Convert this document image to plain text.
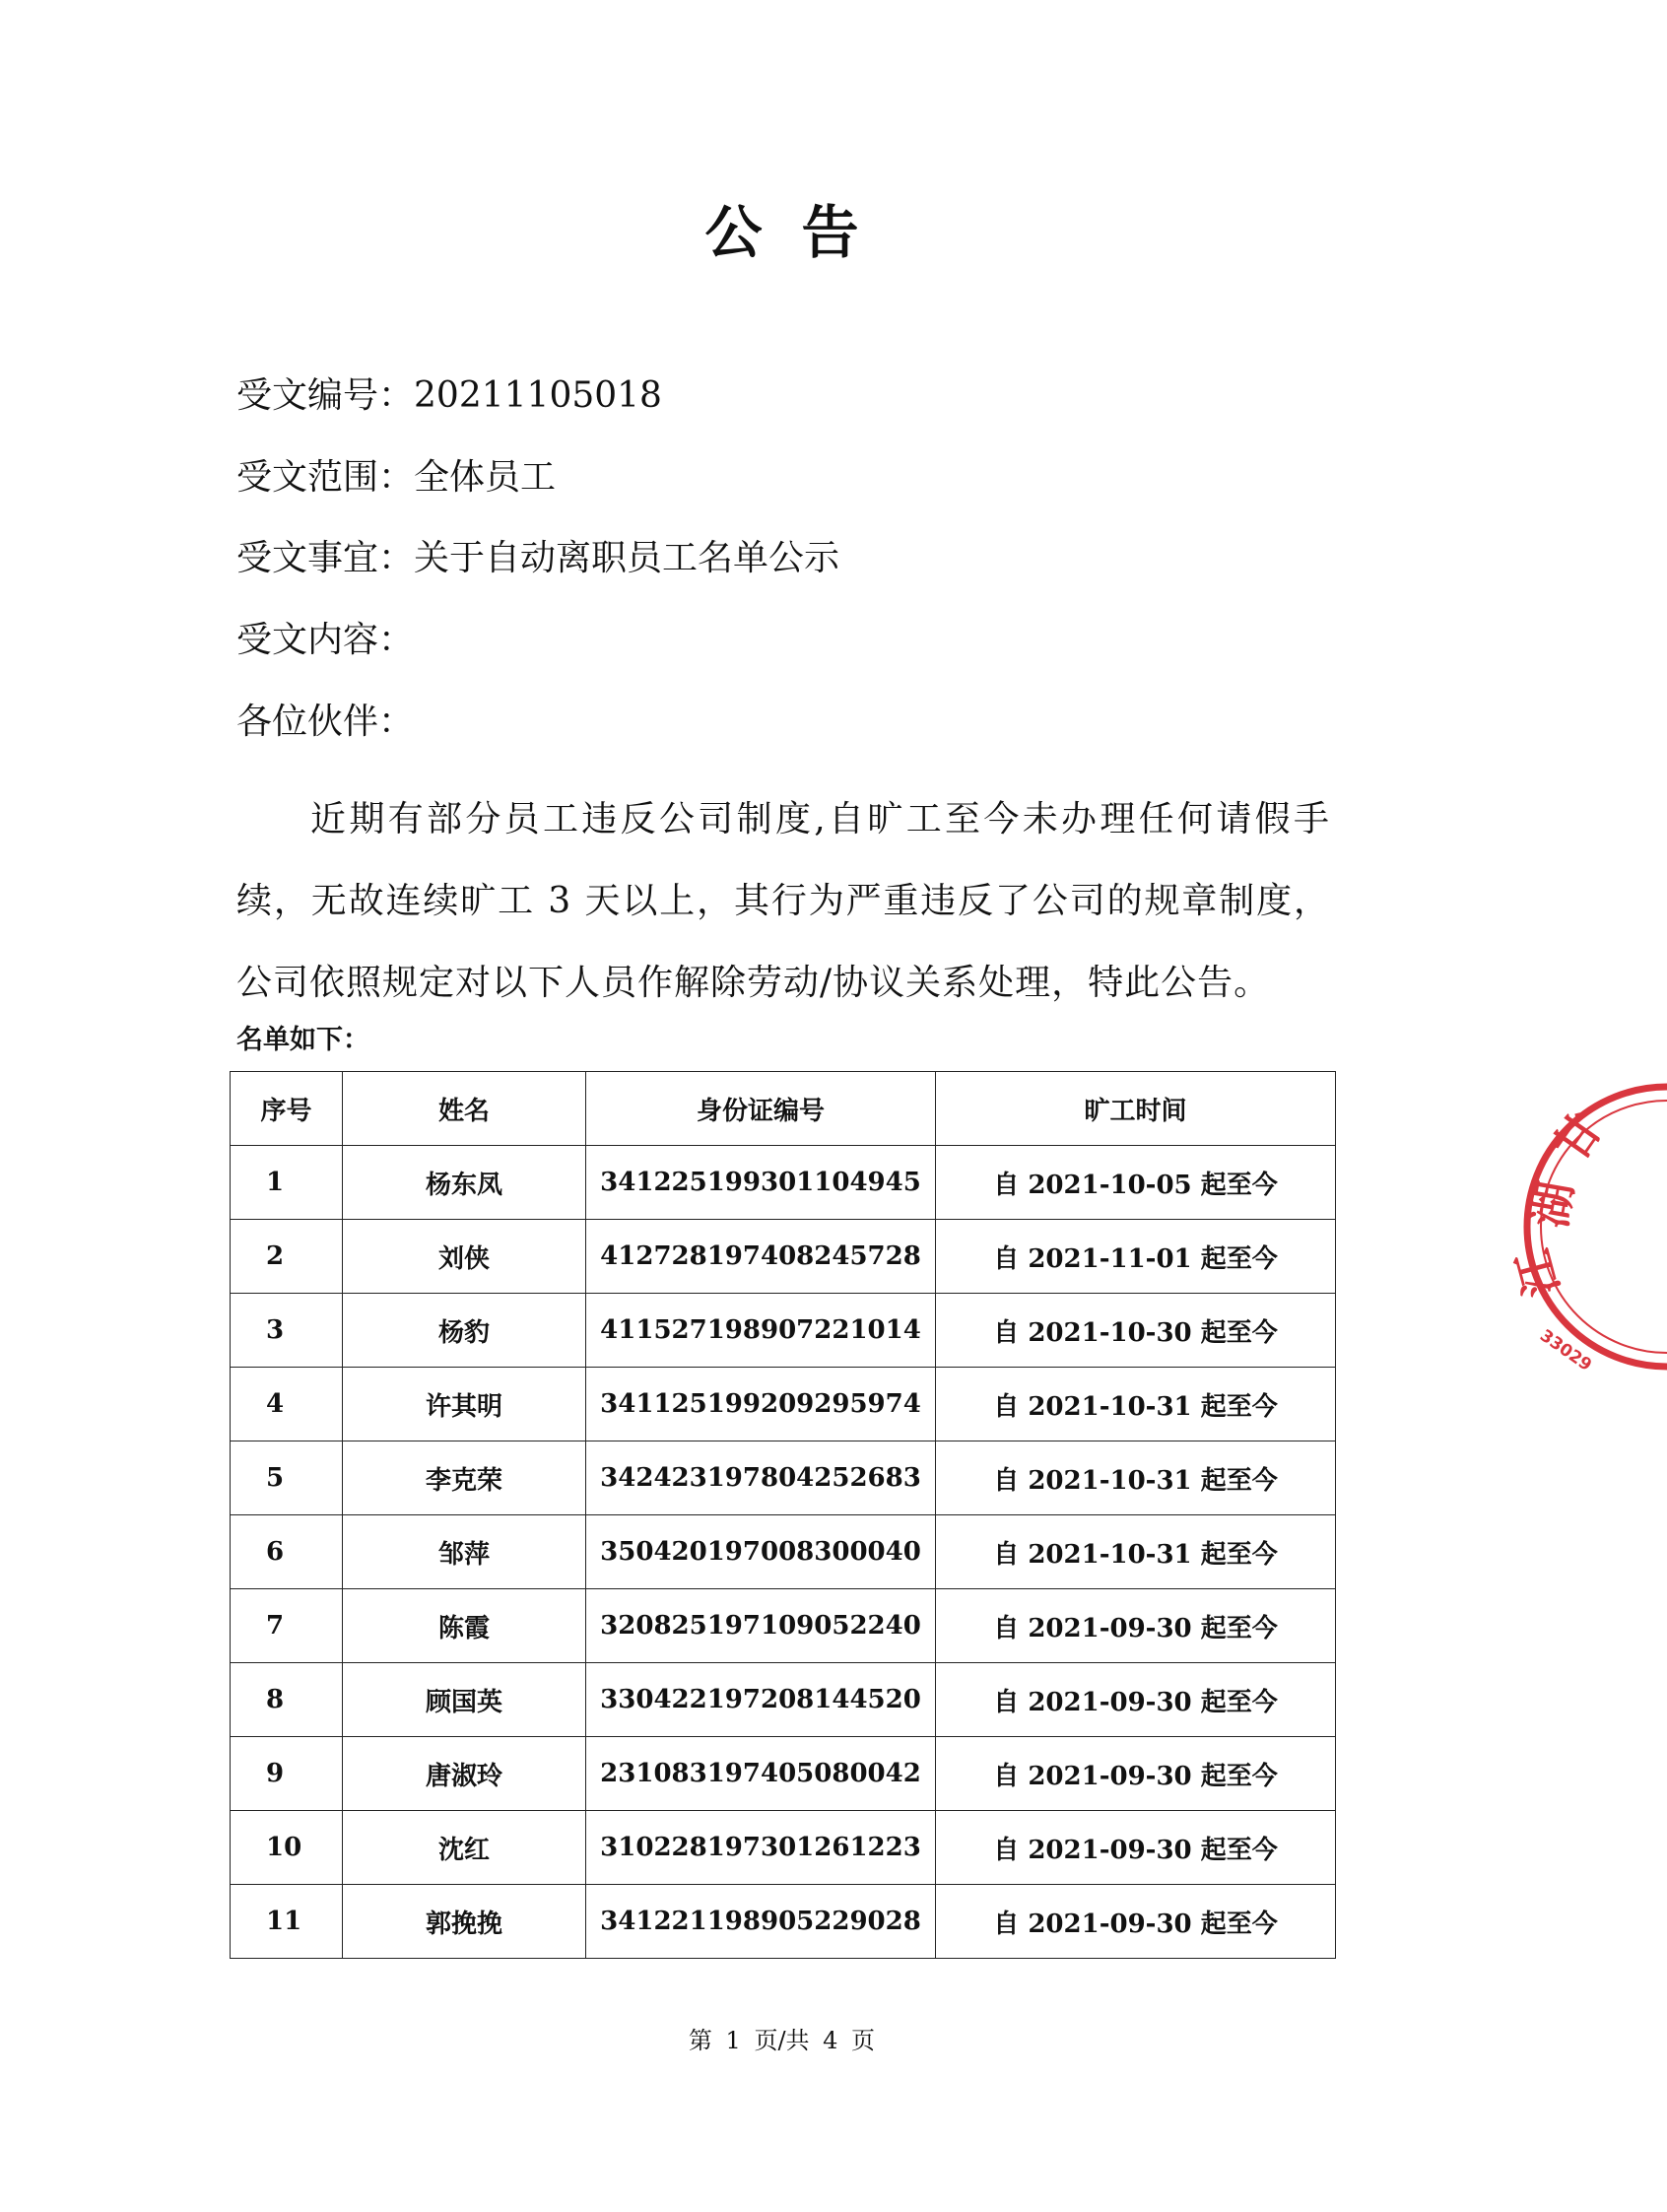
公告
受文编号：20211105018
受文范围：全体员工
受文事宜：关于自动离职员工名单公示
受文内容：
各位伙伴：
近期有部分员工违反公司制度,自旷工至今未办理任何请假手续，无故连续旷工 3 天以上，其行为严重违反了公司的规章制度，公司依照规定对以下人员作解除劳动/协议关系处理，特此公告。
名单如下：
序号	姓名	身份证编号	旷工时间
1	杨东凤	341225199301104945	自 2021-10-05 起至今
2	刘侠	412728197408245728	自 2021-11-01 起至今
3	杨豹	411527198907221014	自 2021-10-30 起至今
4	许其明	341125199209295974	自 2021-10-31 起至今
5	李克荣	342423197804252683	自 2021-10-31 起至今
6	邹萍	350420197008300040	自 2021-10-31 起至今
7	陈霞	320825197109052240	自 2021-09-30 起至今
8	顾国英	330422197208144520	自 2021-09-30 起至今
9	唐淑玲	231083197405080042	自 2021-09-30 起至今
10	沈红	310228197301261223	自 2021-09-30 起至今
11	郭挽挽	341221198905229028	自 2021-09-30 起至今
第 1 页/共 4 页
甘
湖
江
33029
